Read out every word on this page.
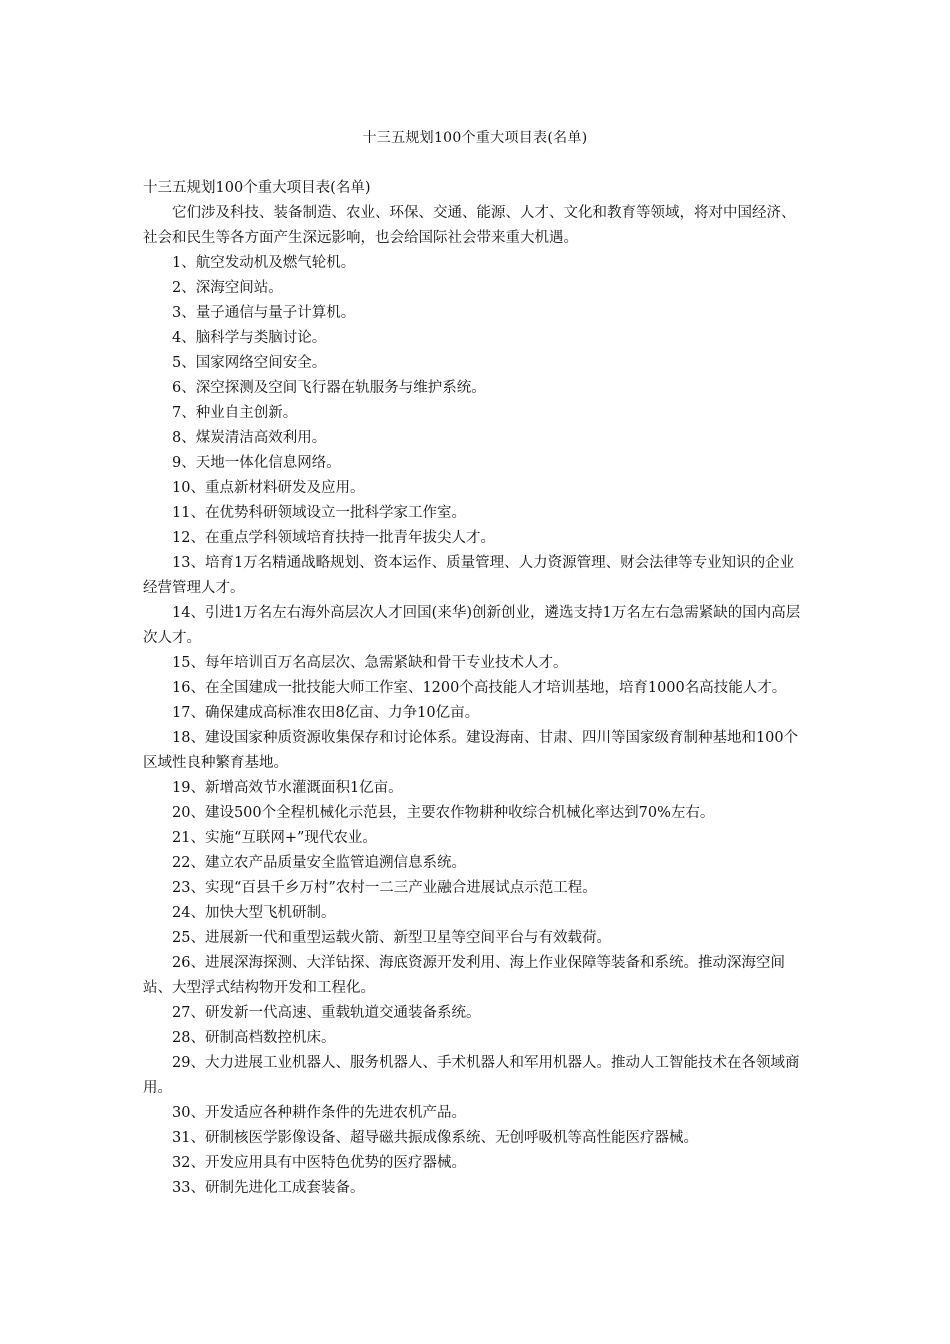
十三五规划100个重大项目表(名单)

十三五规划100个重大项目表(名单)

它们涉及科技、装备制造、农业、环保、交通、能源、人才、文化和教育等领域，将对中国经济、社会和民生等各方面产生深远影响，也会给国际社会带来重大机遇。

1、航空发动机及燃气轮机。

2、深海空间站。

3、量子通信与量子计算机。

4、脑科学与类脑讨论。

5、国家网络空间安全。

6、深空探测及空间飞行器在轨服务与维护系统。

7、种业自主创新。

8、煤炭清洁高效利用。

9、天地一体化信息网络。

10、重点新材料研发及应用。

11、在优势科研领域设立一批科学家工作室。

12、在重点学科领域培育扶持一批青年拔尖人才。

13、培育1万名精通战略规划、资本运作、质量管理、人力资源管理、财会法律等专业知识的企业经营管理人才。

14、引进1万名左右海外高层次人才回国(来华)创新创业，遴选支持1万名左右急需紧缺的国内高层次人才。

15、每年培训百万名高层次、急需紧缺和骨干专业技术人才。

16、在全国建成一批技能大师工作室、1200个高技能人才培训基地，培育1000名高技能人才。

17、确保建成高标准农田8亿亩、力争10亿亩。

18、建设国家种质资源收集保存和讨论体系。建设海南、甘肃、四川等国家级育制种基地和100个区域性良种繁育基地。

19、新增高效节水灌溉面积1亿亩。

20、建设500个全程机械化示范县，主要农作物耕种收综合机械化率达到70%左右。

21、实施“互联网+”现代农业。

22、建立农产品质量安全监管追溯信息系统。

23、实现“百县千乡万村”农村一二三产业融合进展试点示范工程。

24、加快大型飞机研制。

25、进展新一代和重型运载火箭、新型卫星等空间平台与有效载荷。

26、进展深海探测、大洋钻探、海底资源开发利用、海上作业保障等装备和系统。推动深海空间站、大型浮式结构物开发和工程化。

27、研发新一代高速、重载轨道交通装备系统。

28、研制高档数控机床。

29、大力进展工业机器人、服务机器人、手术机器人和军用机器人。推动人工智能技术在各领域商用。

30、开发适应各种耕作条件的先进农机产品。

31、研制核医学影像设备、超导磁共振成像系统、无创呼吸机等高性能医疗器械。

32、开发应用具有中医特色优势的医疗器械。

33、研制先进化工成套装备。
